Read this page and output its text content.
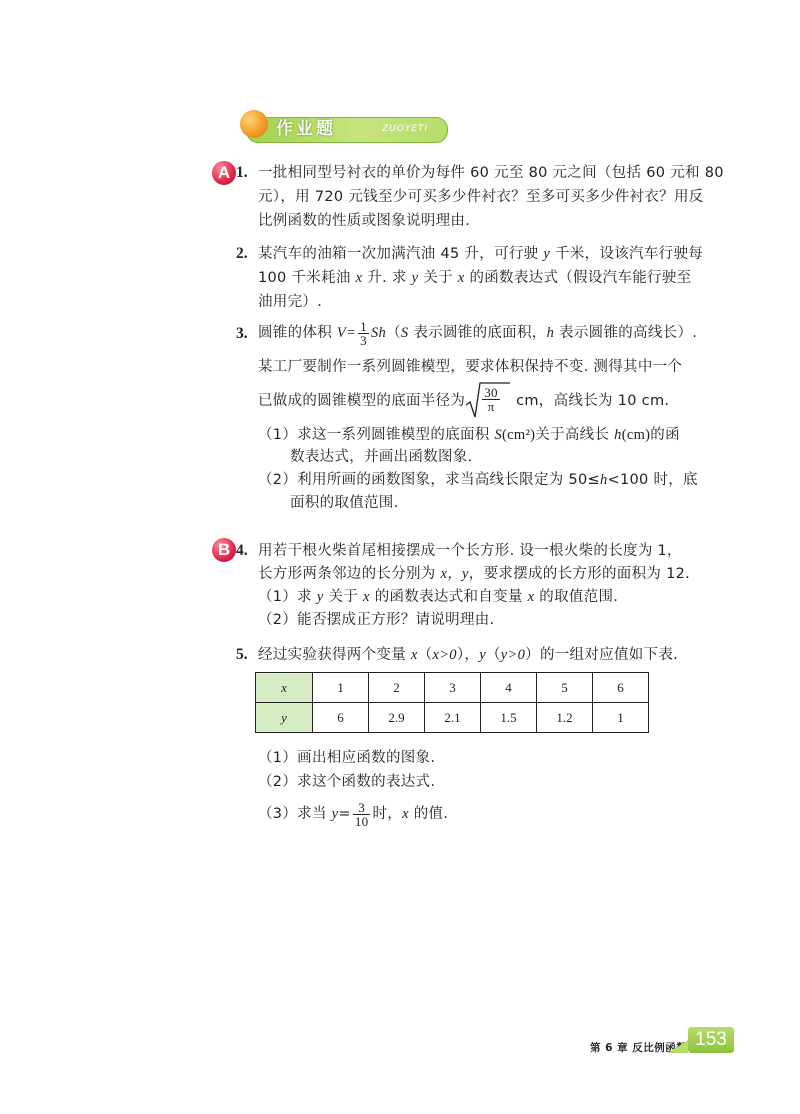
作业题	ZUOYETI
A 1. 一批相同型号衬衣的单价为每件 60 元至 80 元之间（包括 60 元和 80
元），用 720 元钱至少可买多少件衬衣？至多可买多少件衬衣？用反
比例函数的性质或图象说明理由.
2. 某汽车的油箱一次加满汽油 45 升，可行驶 y 千米，设该汽车行驶每
100 千米耗油 x 升. 求 y 关于 x 的函数表达式（假设汽车能行驶至
油用完）.
3. 圆锥的体积 $V= \frac{1}{3} Sh(S$ 表示圆锥的底面积，h 表示圆锥的高线长）.
某工厂要制作一系列圆锥模型，要求体积保持不变. 测得其中一个
已做成的圆锥模型的底面半径为 $\frac{30}{\pi}$ cm，高线长为 10 cm.
（1）求这一系列圆锥模型的底面积 S(cm²)关于高线长 h(cm)的函
数表达式，并画出函数图象.
（2）利用所画的函数图象，求当高线长限定为 50≤h<100 时，底
面积的取值范围.
B 4. 用若干根火柴首尾相接摆成一个长方形. 设一根火柴的长度为 1，
长方形两条邻边的长分别为 x，y，要求摆成的长方形的面积为 12.
（1）求 y 关于 x 的函数表达式和自变量 x 的取值范围.
（2）能否摆成正方形？请说明理由.
5. 经过实验获得两个变量 x（x>0），y（y>0）的一组对应值如下表.
x	1	2	3	4	5	6
y	6	2.9	2.1	1.5	1.2	1
（1）画出相应函数的图象.
（2）求这个函数的表达式.
（3）求当 $y= \frac{3}{10}$ 时，x 的值.
第 6 章 反比例函数 153
